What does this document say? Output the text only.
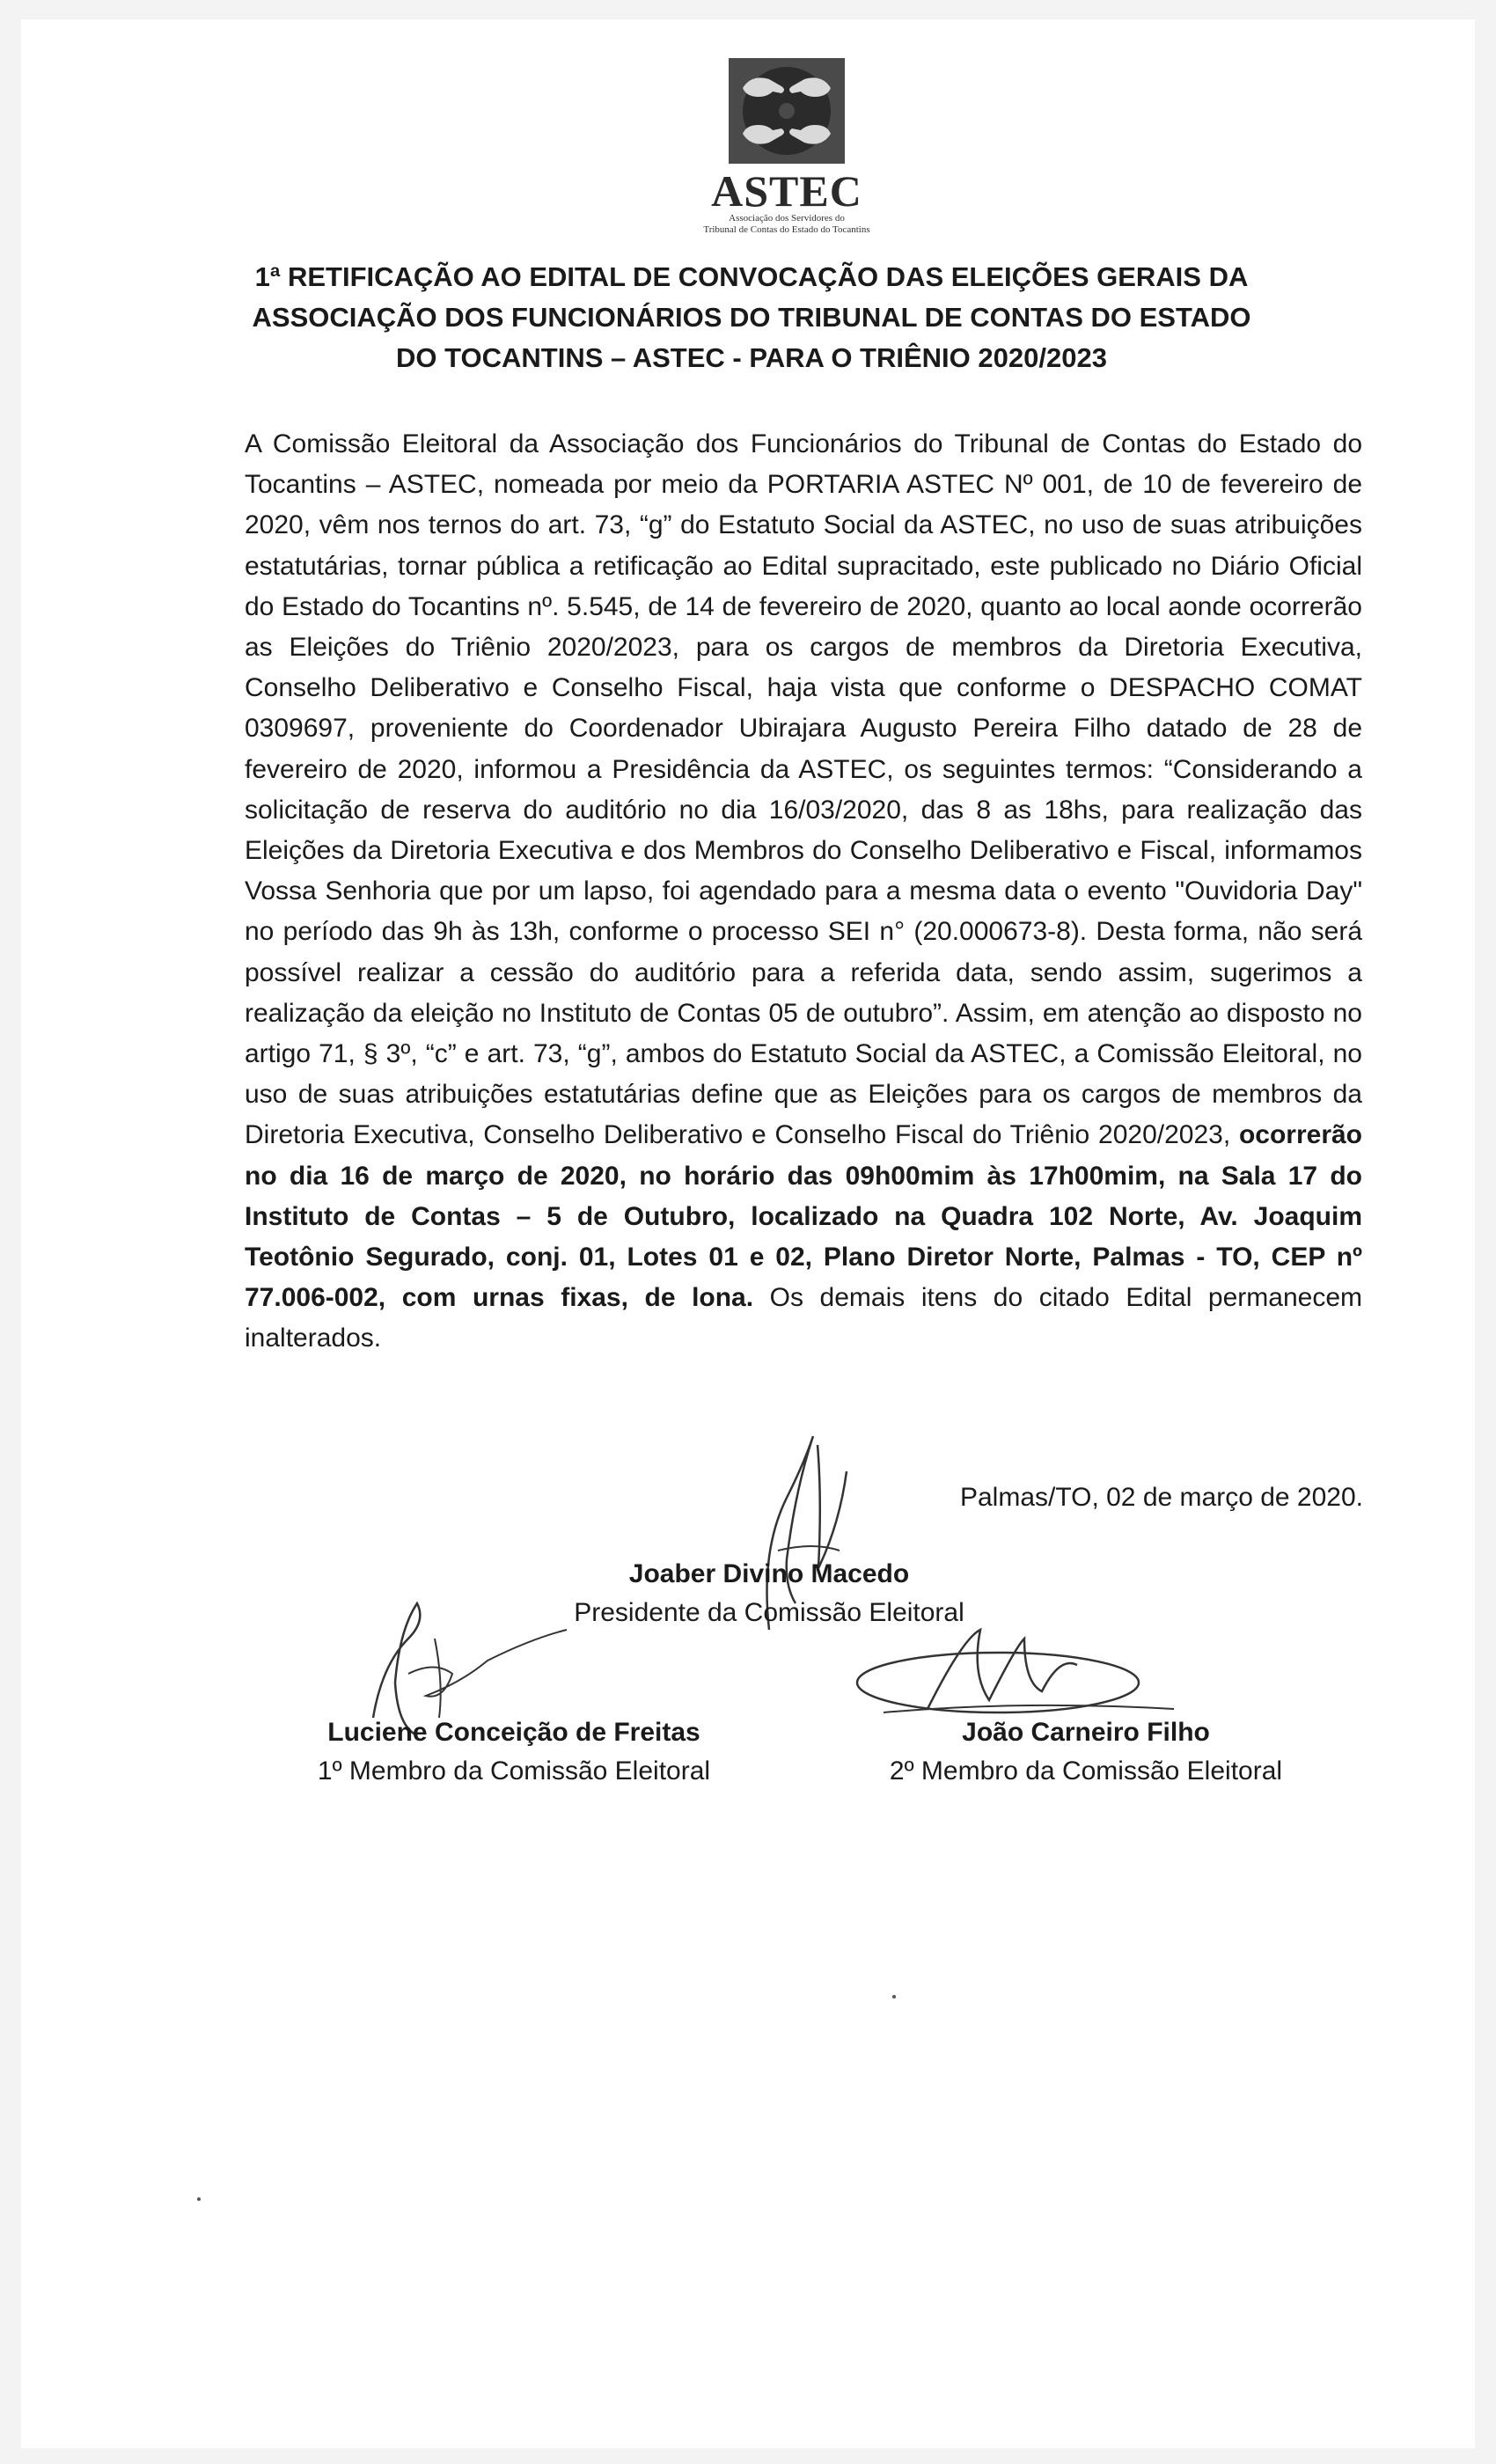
ASTEC
Associação dos Servidores do
Tribunal de Contas do Estado do Tocantins
1ª RETIFICAÇÃO AO EDITAL DE CONVOCAÇÃO DAS ELEIÇÕES GERAIS DA
ASSOCIAÇÃO DOS FUNCIONÁRIOS DO TRIBUNAL DE CONTAS DO ESTADO
DO TOCANTINS – ASTEC - PARA O TRIÊNIO 2020/2023
A Comissão Eleitoral da Associação dos Funcionários do Tribunal de Contas do Estado do Tocantins – ASTEC, nomeada por meio da PORTARIA ASTEC Nº 001, de 10 de fevereiro de 2020, vêm nos ternos do art. 73, “g” do Estatuto Social da ASTEC, no uso de suas atribuições estatutárias, tornar pública a retificação ao Edital supracitado, este publicado no Diário Oficial do Estado do Tocantins nº. 5.545, de 14 de fevereiro de 2020, quanto ao local aonde ocorrerão as Eleições do Triênio 2020/2023, para os cargos de membros da Diretoria Executiva, Conselho Deliberativo e Conselho Fiscal, haja vista que conforme o DESPACHO COMAT 0309697, proveniente do Coordenador Ubirajara Augusto Pereira Filho datado de 28 de fevereiro de 2020, informou a Presidência da ASTEC, os seguintes termos: “Considerando a solicitação de reserva do auditório no dia 16/03/2020, das 8 as 18hs, para realização das Eleições da Diretoria Executiva e dos Membros do Conselho Deliberativo e Fiscal, informamos Vossa Senhoria que por um lapso, foi agendado para a mesma data o evento "Ouvidoria Day" no período das 9h às 13h, conforme o processo SEI n° (20.000673-8). Desta forma, não será possível realizar a cessão do auditório para a referida data, sendo assim, sugerimos a realização da eleição no Instituto de Contas 05 de outubro”. Assim, em atenção ao disposto no artigo 71, § 3º, “c” e art. 73, “g”, ambos do Estatuto Social da ASTEC, a Comissão Eleitoral, no uso de suas atribuições estatutárias define que as Eleições para os cargos de membros da Diretoria Executiva, Conselho Deliberativo e Conselho Fiscal do Triênio 2020/2023, ocorrerão no dia 16 de março de 2020, no horário das 09h00mim às 17h00mim, na Sala 17 do Instituto de Contas – 5 de Outubro, localizado na Quadra 102 Norte, Av. Joaquim Teotônio Segurado, conj. 01, Lotes 01 e 02, Plano Diretor Norte, Palmas - TO, CEP nº 77.006-002, com urnas fixas, de lona. Os demais itens do citado Edital permanecem inalterados.
Palmas/TO, 02 de março de 2020.
Joaber Divino Macedo
Presidente da Comissão Eleitoral
Luciene Conceição de Freitas
1º Membro da Comissão Eleitoral
João Carneiro Filho
2º Membro da Comissão Eleitoral
